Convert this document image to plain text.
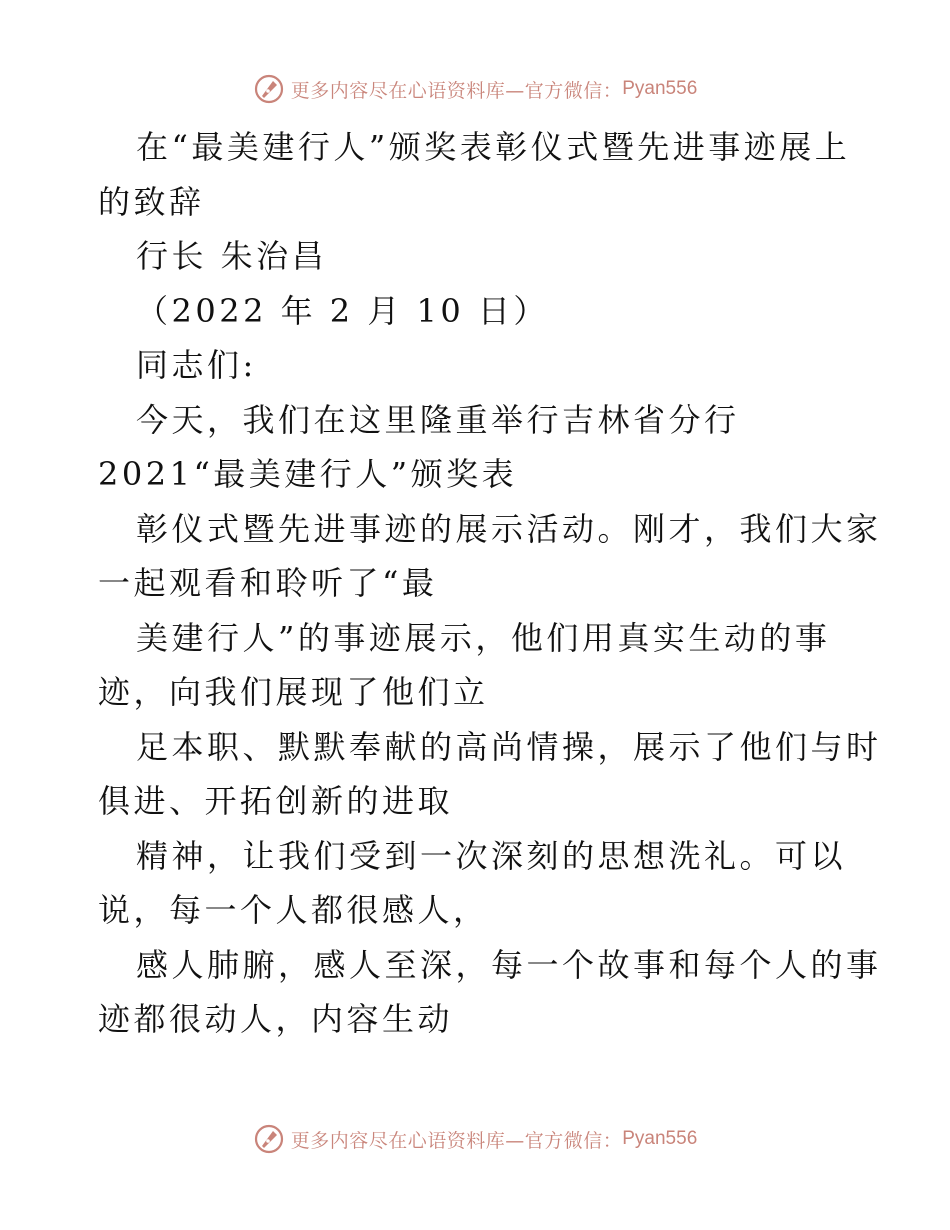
更多内容尽在心语资料库—官方微信： Pyan556
在“最美建行人”颁奖表彰仪式暨先进事迹展上
的致辞
行长 朱治昌
（2022 年 2 月 10 日）
同志们:
今天，我们在这里隆重举行吉林省分行
2021“最美建行人”颁奖表
彰仪式暨先进事迹的展示活动。刚才，我们大家
一起观看和聆听了“最
美建行人”的事迹展示，他们用真实生动的事
迹，向我们展现了他们立
足本职、默默奉献的高尚情操，展示了他们与时
俱进、开拓创新的进取
精神，让我们受到一次深刻的思想洗礼。可以
说，每一个人都很感人，
感人肺腑，感人至深，每一个故事和每个人的事
迹都很动人，内容生动
更多内容尽在心语资料库—官方微信： Pyan556
